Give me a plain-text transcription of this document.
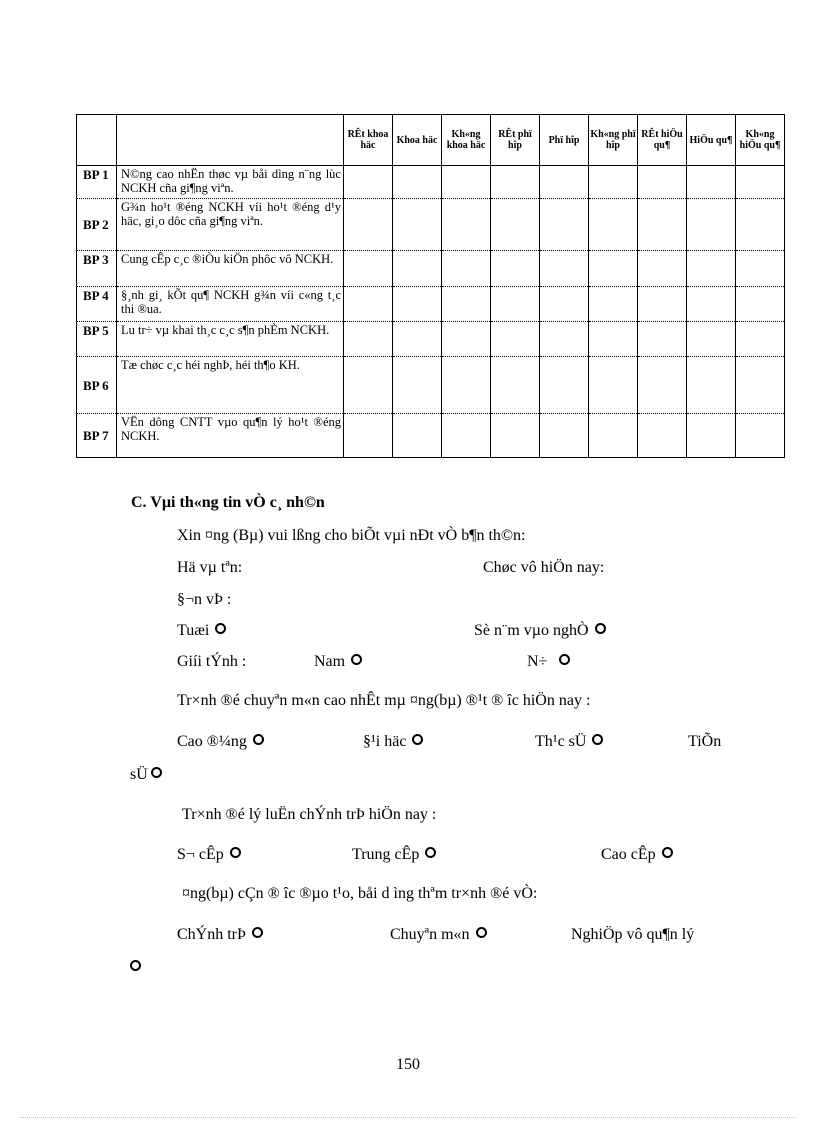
		RÊt khoa häc	Khoa häc	Kh«ng khoa häc	RÊt phï hîp	Phï hîp	Kh«ng phï hîp	RÊt hiÖu qu¶	HiÖu qu¶	Kh«ng hiÖu qu¶
BP 1	N©ng cao nhËn thøc vµ båi dìng n¨ng lùc NCKH cña gi¶ng viªn.									
BP 2	G¾n ho¹t ®éng NCKH víi ho¹t ®éng d¹y häc, gi¸o dôc cña gi¶ng viªn.									
BP 3	Cung cÊp c¸c ®iÒu kiÖn phôc vô NCKH.									
BP 4	§¸nh gi¸ kÕt qu¶ NCKH g¾n víi c«ng t¸c thi ®ua.									
BP 5	Lu tr÷ vµ khai th¸c c¸c s¶n phÈm NCKH.									
BP 6	Tæ chøc c¸c héi nghÞ, héi th¶o KH.									
BP 7	VËn dông CNTT vµo qu¶n lý ho¹t ®éng NCKH.									
C. Vµi th«ng tin vÒ c¸ nh©n
Xin ¤ng (Bµ) vui lßng cho biÕt vµi nÐt vÒ b¶n th©n:
Hä vµ tªn:	Chøc vô hiÖn nay:
§¬n vÞ :
Tuæi	Sè n¨m vµo nghÒ
Giíi tÝnh :	Nam	N÷
Tr×nh ®é chuyªn m«n cao nhÊt mµ ¤ng(bµ) ®¹t ® îc hiÖn nay :
Cao ®¼ng	§¹i häc	Th¹c sÜ	TiÕn
sÜ
Tr×nh ®é lý luËn chÝnh trÞ hiÖn nay :
S¬ cÊp	Trung cÊp	Cao cÊp
¤ng(bµ) cÇn ® îc ®µo t¹o, båi d ìng thªm tr×nh ®é vÒ:
ChÝnh trÞ	Chuyªn m«n	NghiÖp vô qu¶n lý
150
